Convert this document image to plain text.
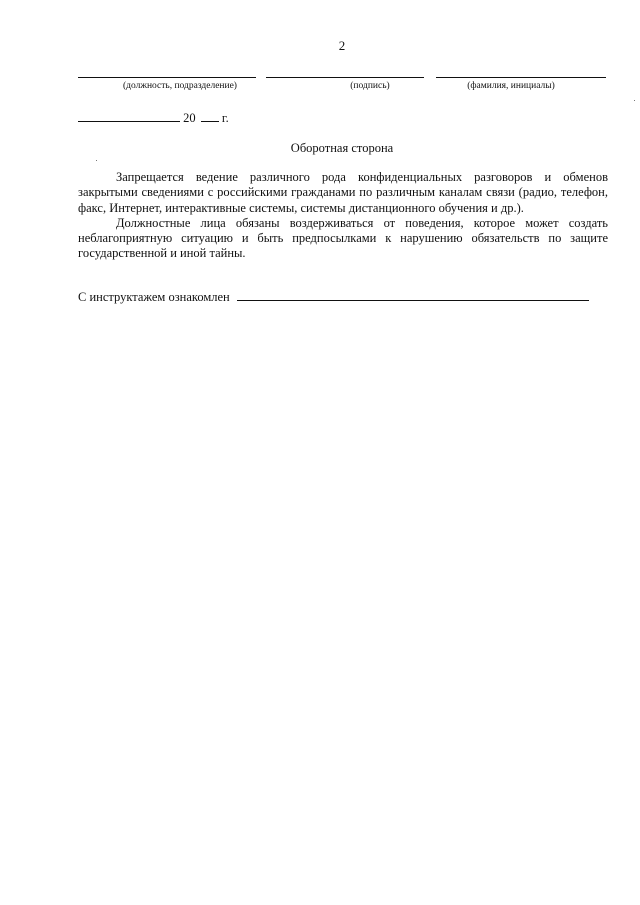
2
(должность, подразделение)	(подпись)	(фамилия, инициалы)
20 г.
Оборотная сторона

Запрещается ведение различного рода конфиденциальных разговоров и обменов закрытыми сведениями с российскими гражданами по различным каналам связи (радио, телефон, факс, Интернет, интерактивные системы, системы дистанционного обучения и др.).

Должностные лица обязаны воздерживаться от поведения, которое может создать неблагоприятную ситуацию и быть предпосылками к нарушению обязательств по защите государственной и иной тайны.

С инструктажем ознакомлен
